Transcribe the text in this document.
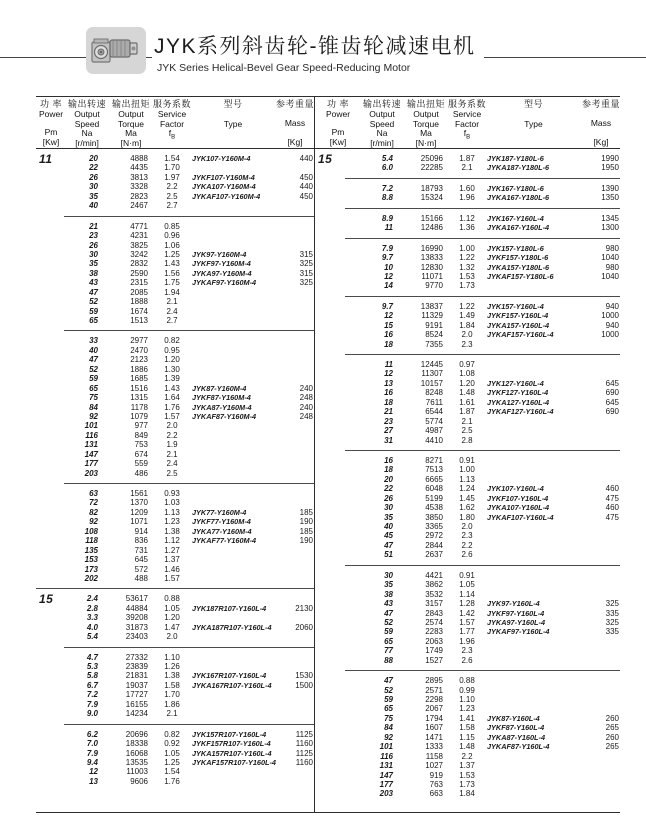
JYK系列斜齿轮-锥齿轮减速电机
JYK Series Helical-Bevel Gear Speed-Reducing Motor
功 率
Power
Pm
[Kw]
输出转速
Output
Speed
Na
[r/min]
输出扭矩
Output
Torque
Ma
[N·m]
服务系数
Service
Factor
$f_B$
型号
Type
参考重量
Mass
[Kg]
11	20	4888	1.54	JYK107-Y160M-4	440
22	4435	1.70
26	3813	1.97	JYKF107-Y160M-4	450
30	3328	2.2	JYKA107-Y160M-4	440
35	2823	2.5	JYKAF107-Y160M-4	450
40	2467	2.7
21	4771	0.85
23	4231	0.96
26	3825	1.06
30	3242	1.25	JYK97-Y160M-4	315
35	2832	1.43	JYKF97-Y160M-4	325
38	2590	1.56	JYKA97-Y160M-4	315
43	2315	1.75	JYKAF97-Y160M-4	325
47	2085	1.94
52	1888	2.1
59	1674	2.4
65	1513	2.7
33	2977	0.82
40	2470	0.95
47	2123	1.20
52	1886	1.30
59	1685	1.39
65	1516	1.43	JYK87-Y160M-4	240
75	1315	1.64	JYKF87-Y160M-4	248
84	1178	1.76	JYKA87-Y160M-4	240
92	1079	1.57	JYKAF87-Y160M-4	248
101	977	2.0
116	849	2.2
131	753	1.9
147	674	2.1
177	559	2.4
203	486	2.5
63	1561	0.93
72	1370	1.03
82	1209	1.13	JYK77-Y160M-4	185
92	1071	1.23	JYKF77-Y160M-4	190
108	914	1.38	JYKA77-Y160M-4	185
118	836	1.12	JYKAF77-Y160M-4	190
135	731	1.27
153	645	1.37
173	572	1.46
202	488	1.57
15	2.4	53617	0.88
2.8	44884	1.05	JYK187R107-Y160L-4	2130
3.3	39208	1.20
4.0	31873	1.47	JYKA187R107-Y160L-4	2060
5.4	23403	2.0
4.7	27332	1.10
5.3	23839	1.26
5.8	21831	1.38	JYK167R107-Y160L-4	1530
6.7	19037	1.58	JYKA167R107-Y160L-4	1500
7.2	17727	1.70
7.9	16155	1.86
9.0	14234	2.1
6.2	20696	0.82	JYK157R107-Y160L-4	1125
7.0	18338	0.92	JYKF157R107-Y160L-4	1160
7.9	16068	1.05	JYKA157R107-Y160L-4	1125
9.4	13535	1.25	JYKAF157R107-Y160L-4	1160
12	11003	1.54
13	9606	1.76
功 率
Power
Pm
[Kw]
输出转速
Output
Speed
Na
[r/min]
输出扭矩
Output
Torque
Ma
[N·m]
服务系数
Service
Factor
$f_B$
型号
Type
参考重量
Mass
[Kg]
15	5.4	25096	1.87	JYK187-Y180L-6	1990
6.0	22285	2.1	JYKA187-Y180L-6	1950
7.2	18793	1.60	JYK167-Y180L-6	1390
8.8	15324	1.96	JYKA167-Y180L-6	1350
8.9	15166	1.12	JYK167-Y160L-4	1345
11	12486	1.36	JYKA167-Y160L-4	1300
7.9	16990	1.00	JYK157-Y180L-6	980
9.7	13833	1.22	JYKF157-Y180L-6	1040
10	12830	1.32	JYKA157-Y180L-6	980
12	11071	1.53	JYKAF157-Y180L-6	1040
14	9770	1.73
9.7	13837	1.22	JYK157-Y160L-4	940
12	11329	1.49	JYKF157-Y160L-4	1000
15	9191	1.84	JYKA157-Y160L-4	940
16	8524	2.0	JYKAF157-Y160L-4	1000
18	7355	2.3
11	12445	0.97
12	11307	1.08
13	10157	1.20	JYK127-Y160L-4	645
16	8248	1.48	JYKF127-Y160L-4	690
18	7611	1.61	JYKA127-Y160L-4	645
21	6544	1.87	JYKAF127-Y160L-4	690
23	5774	2.1
27	4987	2.5
31	4410	2.8
16	8271	0.91
18	7513	1.00
20	6665	1.13
22	6048	1.24	JYK107-Y160L-4	460
26	5199	1.45	JYKF107-Y160L-4	475
30	4538	1.62	JYKA107-Y160L-4	460
35	3850	1.80	JYKAF107-Y160L-4	475
40	3365	2.0
45	2972	2.3
47	2844	2.2
51	2637	2.6
30	4421	0.91
35	3862	1.05
38	3532	1.14
43	3157	1.28	JYK97-Y160L-4	325
47	2843	1.42	JYKF97-Y160L-4	335
52	2574	1.57	JYKA97-Y160L-4	325
59	2283	1.77	JYKAF97-Y160L-4	335
65	2063	1.96
77	1749	2.3
88	1527	2.6
47	2895	0.88
52	2571	0.99
59	2298	1.10
65	2067	1.23
75	1794	1.41	JYK87-Y160L-4	260
84	1607	1.58	JYKF87-Y160L-4	265
92	1471	1.15	JYKA87-Y160L-4	260
101	1333	1.48	JYKAF87-Y160L-4	265
116	1158	2.2
131	1027	1.37
147	919	1.53
177	763	1.73
203	663	1.84
